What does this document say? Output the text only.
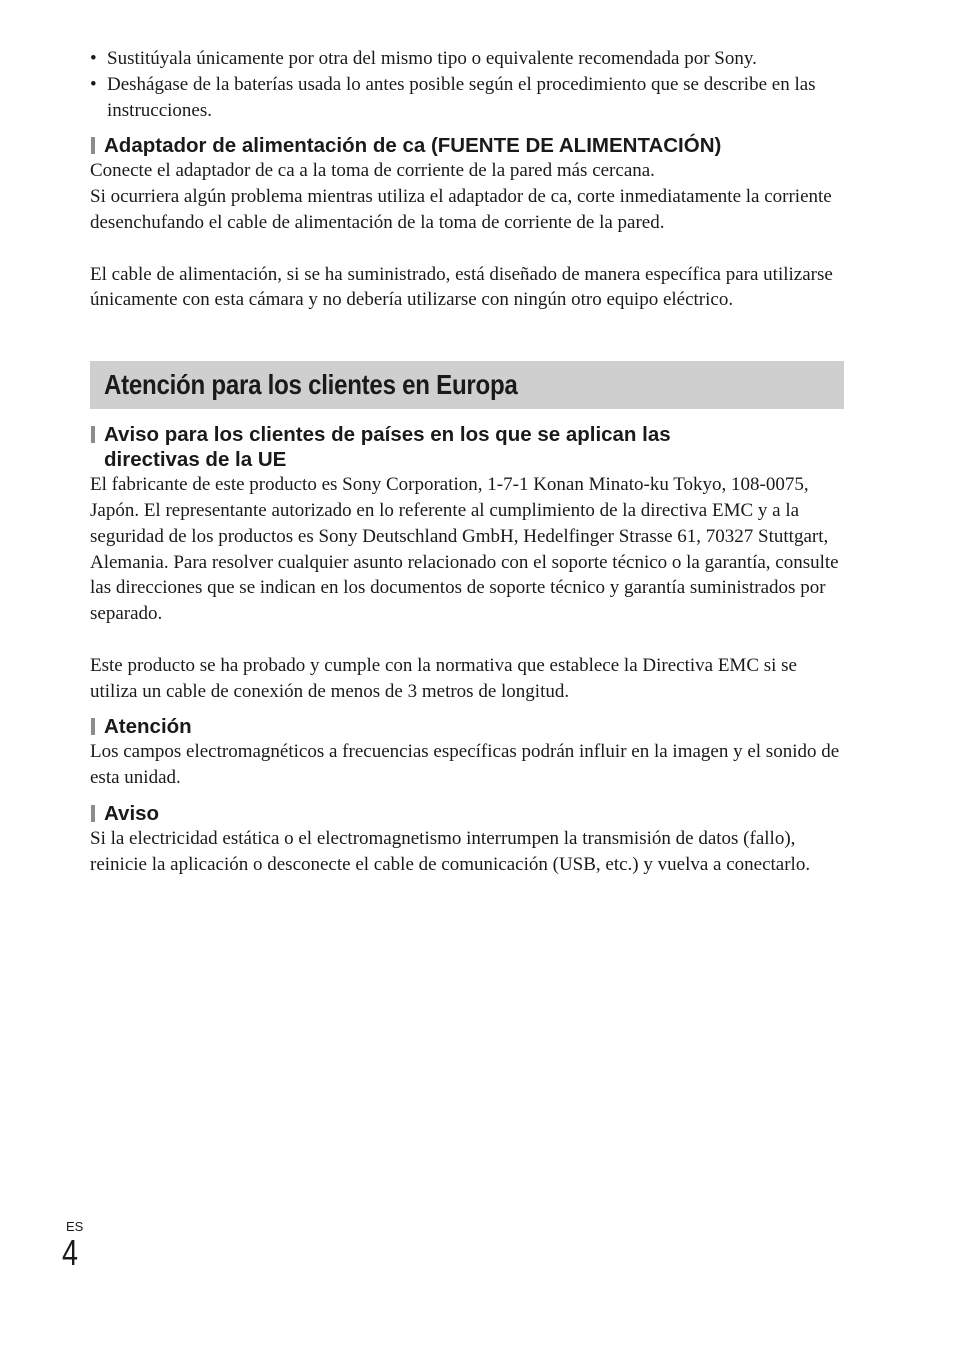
• Sustitúyala únicamente por otra del mismo tipo o equivalente recomendada por Sony.
• Deshágase de la baterías usada lo antes posible según el procedimiento que se describe en las instrucciones.
Adaptador de alimentación de ca (FUENTE DE ALIMENTACIÓN)

Conecte el adaptador de ca a la toma de corriente de la pared más cercana.
Si ocurriera algún problema mientras utiliza el adaptador de ca, corte inmediatamente la corriente desenchufando el cable de alimentación de la toma de corriente de la pared.

El cable de alimentación, si se ha suministrado, está diseñado de manera específica para utilizarse únicamente con esta cámara y no debería utilizarse con ningún otro equipo eléctrico.

Atención para los clientes en Europa
Aviso para los clientes de países en los que se aplican las
directivas de la UE

El fabricante de este producto es Sony Corporation, 1-7-1 Konan Minato-ku Tokyo, 108-0075, Japón. El representante autorizado en lo referente al cumplimiento de la directiva EMC y a la seguridad de los productos es Sony Deutschland GmbH, Hedelfinger Strasse 61, 70327 Stuttgart, Alemania. Para resolver cualquier asunto relacionado con el soporte técnico o la garantía, consulte las direcciones que se indican en los documentos de soporte técnico y garantía suministrados por separado.

Este producto se ha probado y cumple con la normativa que establece la Directiva EMC si se utiliza un cable de conexión de menos de 3 metros de longitud.

Atención

Los campos electromagnéticos a frecuencias específicas podrán influir en la imagen y el sonido de esta unidad.

Aviso

Si la electricidad estática o el electromagnetismo interrumpen la transmisión de datos (fallo), reinicie la aplicación o desconecte el cable de comunicación (USB, etc.) y vuelva a conectarlo.

ES
4
